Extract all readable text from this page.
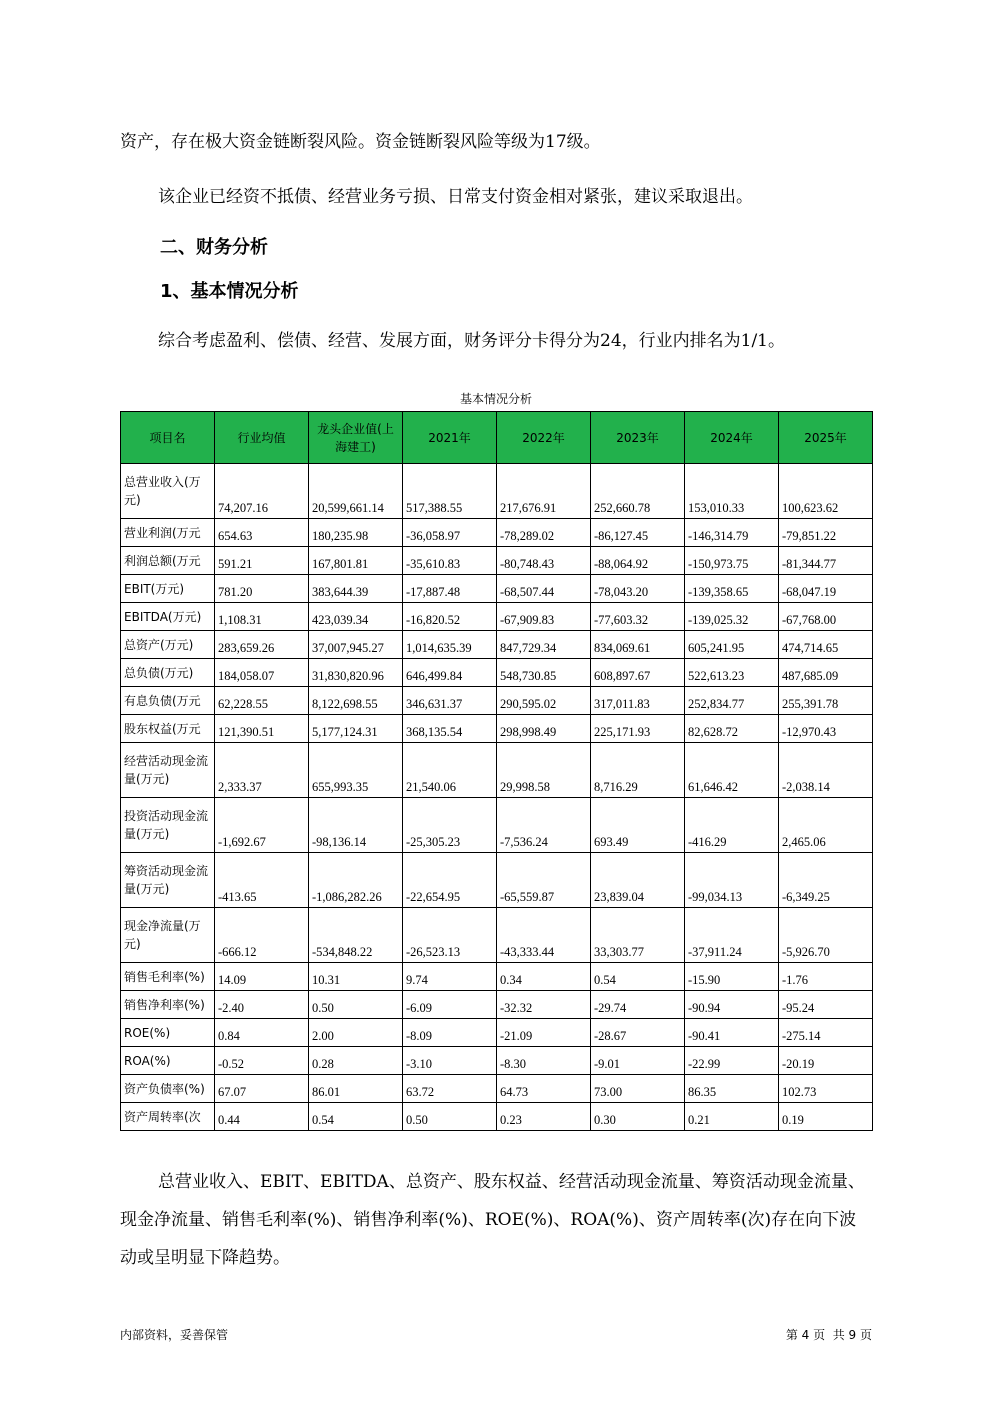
资产，存在极大资金链断裂风险。资金链断裂风险等级为17级。

该企业已经资不抵债、经营业务亏损、日常支付资金相对紧张，建议采取退出。

二、财务分析
1、基本情况分析

综合考虑盈利、偿债、经营、发展方面，财务评分卡得分为24，行业内排名为1/1。

基本情况分析
项目名	行业均值	龙头企业值(上海建工)	2021年	2022年	2023年	2024年	2025年
总营业收入(万元)	74,207.16	20,599,661.14	517,388.55	217,676.91	252,660.78	153,010.33	100,623.62
营业利润(万元	654.63	180,235.98	-36,058.97	-78,289.02	-86,127.45	-146,314.79	-79,851.22
利润总额(万元	591.21	167,801.81	-35,610.83	-80,748.43	-88,064.92	-150,973.75	-81,344.77
EBIT(万元)	781.20	383,644.39	-17,887.48	-68,507.44	-78,043.20	-139,358.65	-68,047.19
EBITDA(万元)	1,108.31	423,039.34	-16,820.52	-67,909.83	-77,603.32	-139,025.32	-67,768.00
总资产(万元)	283,659.26	37,007,945.27	1,014,635.39	847,729.34	834,069.61	605,241.95	474,714.65
总负债(万元)	184,058.07	31,830,820.96	646,499.84	548,730.85	608,897.67	522,613.23	487,685.09
有息负债(万元	62,228.55	8,122,698.55	346,631.37	290,595.02	317,011.83	252,834.77	255,391.78
股东权益(万元	121,390.51	5,177,124.31	368,135.54	298,998.49	225,171.93	82,628.72	-12,970.43
经营活动现金流量(万元)	2,333.37	655,993.35	21,540.06	29,998.58	8,716.29	61,646.42	-2,038.14
投资活动现金流量(万元)	-1,692.67	-98,136.14	-25,305.23	-7,536.24	693.49	-416.29	2,465.06
筹资活动现金流量(万元)	-413.65	-1,086,282.26	-22,654.95	-65,559.87	23,839.04	-99,034.13	-6,349.25
现金净流量(万元)	-666.12	-534,848.22	-26,523.13	-43,333.44	33,303.77	-37,911.24	-5,926.70
销售毛利率(%)	14.09	10.31	9.74	0.34	0.54	-15.90	-1.76
销售净利率(%)	-2.40	0.50	-6.09	-32.32	-29.74	-90.94	-95.24
ROE(%)	0.84	2.00	-8.09	-21.09	-28.67	-90.41	-275.14
ROA(%)	-0.52	0.28	-3.10	-8.30	-9.01	-22.99	-20.19
资产负债率(%)	67.07	86.01	63.72	64.73	73.00	86.35	102.73
资产周转率(次	0.44	0.54	0.50	0.23	0.30	0.21	0.19

总营业收入、EBIT、EBITDA、总资产、股东权益、经营活动现金流量、筹资活动现金流量、现金净流量、销售毛利率(%)、销售净利率(%)、ROE(%)、ROA(%)、资产周转率(次)存在向下波动或呈明显下降趋势。

内部资料，妥善保管	第 4 页  共 9 页
